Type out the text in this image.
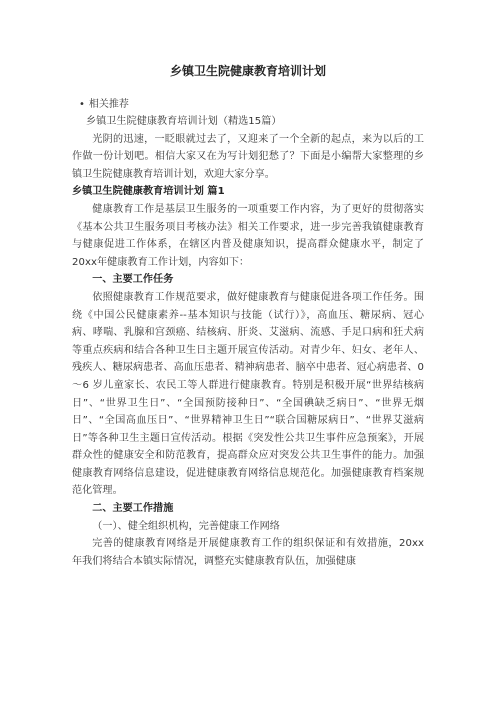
乡镇卫生院健康教育培训计划
• 相关推荐

乡镇卫生院健康教育培训计划（精选15篇）

光阴的迅速，一眨眼就过去了，又迎来了一个全新的起点，来为以后的工作做一份计划吧。相信大家又在为写计划犯愁了？下面是小编帮大家整理的乡镇卫生院健康教育培训计划，欢迎大家分享。

乡镇卫生院健康教育培训计划 篇1

健康教育工作是基层卫生服务的一项重要工作内容，为了更好的贯彻落实《基本公共卫生服务项目考核办法》相关工作要求，进一步完善我镇健康教育与健康促进工作体系，在辖区内普及健康知识，提高群众健康水平，制定了20xx年健康教育工作计划，内容如下：

一、主要工作任务

依照健康教育工作规范要求，做好健康教育与健康促进各项工作任务。围绕《中国公民健康素养--基本知识与技能（试行）》，高血压、糖尿病、冠心病、哮喘、乳腺和宫颈癌、结核病、肝炎、艾滋病、流感、手足口病和狂犬病等重点疾病和结合各种卫生日主题开展宣传活动。对青少年、妇女、老年人、残疾人、糖尿病患者、高血压患者、精神病患者、脑卒中患者、冠心病患者、0～6 岁儿童家长、农民工等人群进行健康教育。特别是积极开展“世界结核病日”、“世界卫生日”、“全国预防接种日”、“全国碘缺乏病日”、“世界无烟日”、“全国高血压日”、“世界精神卫生日”“联合国糖尿病日”、“世界艾滋病日”等各种卫生主题日宣传活动。根据《突发性公共卫生事件应急预案》，开展群众性的健康安全和防范教育，提高群众应对突发公共卫生事件的能力。加强健康教育网络信息建设，促进健康教育网络信息规范化。加强健康教育档案规范化管理。

二、主要工作措施

（一）、健全组织机构，完善健康工作网络

完善的健康教育网络是开展健康教育工作的组织保证和有效措施，20xx 年我们将结合本镇实际情况，调整充实健康教育队伍，加强健康
